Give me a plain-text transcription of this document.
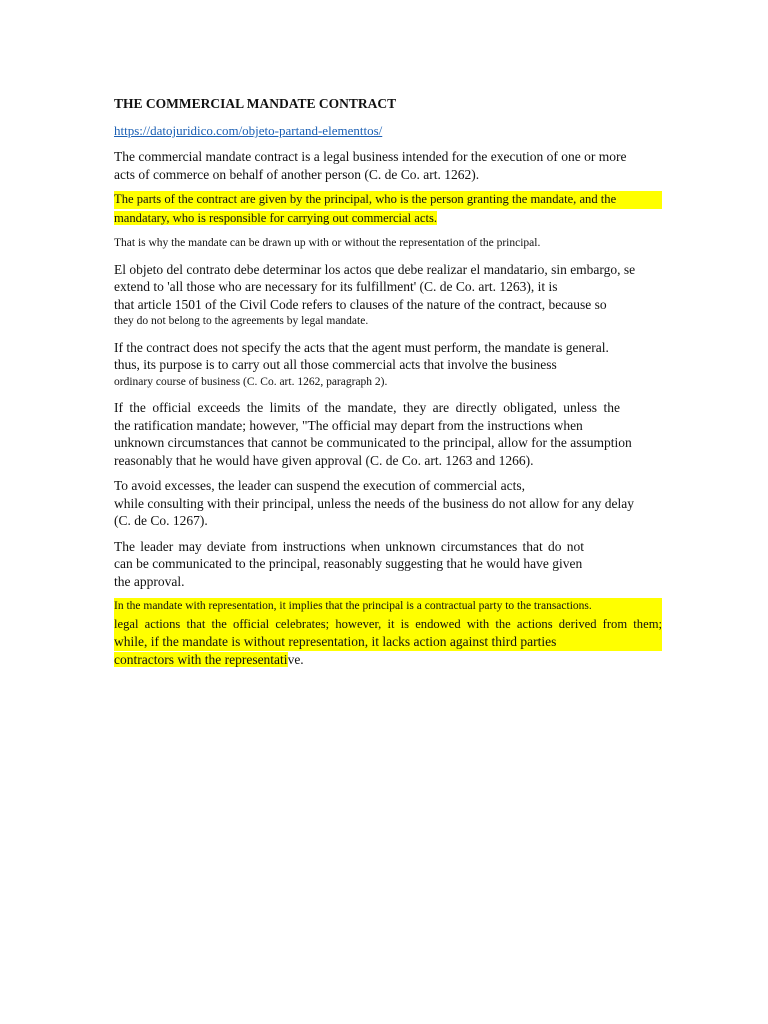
THE COMMERCIAL MANDATE CONTRACT
https://datojuridico.com/objeto-partand-elementtos/
The commercial mandate contract is a legal business intended for the execution of one or more
acts of commerce on behalf of another person (C. de Co. art. 1262).
The parts of the contract are given by the principal, who is the person granting the mandate, and the
mandatary, who is responsible for carrying out commercial acts.
That is why the mandate can be drawn up with or without the representation of the principal.
El objeto del contrato debe determinar los actos que debe realizar el mandatario, sin embargo, se
extend to 'all those who are necessary for its fulfillment' (C. de Co. art. 1263), it is
that article 1501 of the Civil Code refers to clauses of the nature of the contract, because so
they do not belong to the agreements by legal mandate.
If the contract does not specify the acts that the agent must perform, the mandate is general.
thus, its purpose is to carry out all those commercial acts that involve the business
ordinary course of business (C. Co. art. 1262, paragraph 2).
If the official exceeds the limits of the mandate, they are directly obligated, unless the
the ratification mandate; however, "The official may depart from the instructions when
unknown circumstances that cannot be communicated to the principal, allow for the assumption
reasonably that he would have given approval (C. de Co. art. 1263 and 1266).
To avoid excesses, the leader can suspend the execution of commercial acts,
while consulting with their principal, unless the needs of the business do not allow for any delay
(C. de Co. 1267).
The leader may deviate from instructions when unknown circumstances that do not
can be communicated to the principal, reasonably suggesting that he would have given
the approval.
In the mandate with representation, it implies that the principal is a contractual party to the transactions.
legal actions that the official celebrates; however, it is endowed with the actions derived from them;
while, if the mandate is without representation, it lacks action against third parties
contractors with the representative.
